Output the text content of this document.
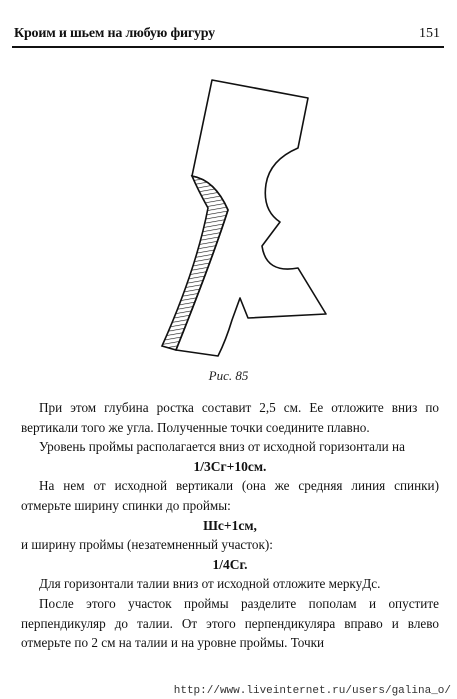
Кроим и шьем на любую фигуру	151
Рис. 85

При этом глубина ростка составит 2,5 см. Ее отложите вниз по вертикали того же угла. Полученные точки соедините плавно.

Уровень проймы располагается вниз от исходной горизонтали на

1/3Сг+10см.

На нем от исходной вертикали (она же средняя линия спинки) отмерьте ширину спинки до проймы:

Шс+1см,

и ширину проймы (незатемненный участок):

1/4Сг.

Для горизонтали талии вниз от исходной отложите меркуДс.

После этого участок проймы разделите пополам и опустите перпендикуляр до талии. От этого перпендикуляра вправо и влево отмерьте по 2 см на талии и на уровне проймы. Точки

http://www.liveinternet.ru/users/galina_o/
